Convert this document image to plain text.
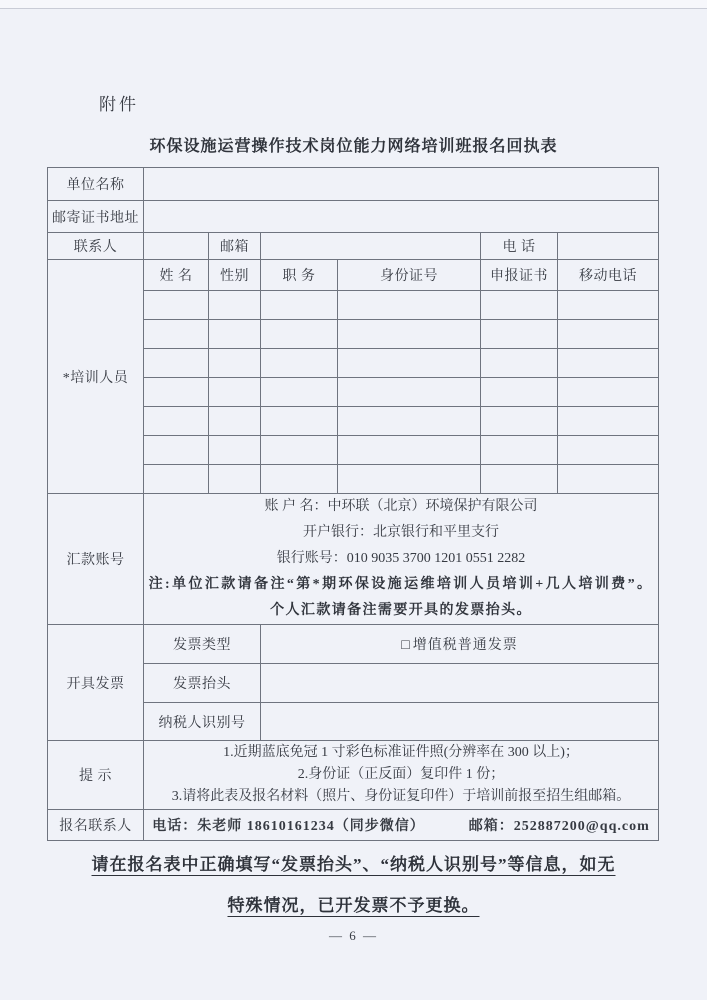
附件
环保设施运营操作技术岗位能力网络培训班报名回执表
单位名称						
邮寄证书地址						
联系人		邮箱			电 话	
*培训人员	姓 名	性别	职 务	身份证号	申报证书	移动电话

汇款账号	账 户 名：中环联（北京）环境保护有限公司
开户银行：北京银行和平里支行
银行账号：010 9035 3700 1201 0551 2282
注:单位汇款请备注“第*期环保设施运维培训人员培训+几人培训费”。
个人汇款请备注需要开具的发票抬头。					

开具发票	发票类型		□ 增值税普通发票			
	发票抬头					
	纳税人识别号					
提 示	1.近期蓝底免冠 1 寸彩色标准证件照(分辨率在 300 以上)；
2.身份证（正反面）复印件 1 份；
3.请将此表及报名材料（照片、身份证复印件）于培训前报至招生组邮箱。					

报名联系人	电话：朱老师 18610161234（同步微信） 邮箱：252887200@qq.com					
请在报名表中正确填写“发票抬头”、“纳税人识别号”等信息，如无
特殊情况，已开发票不予更换。
— 6 —
